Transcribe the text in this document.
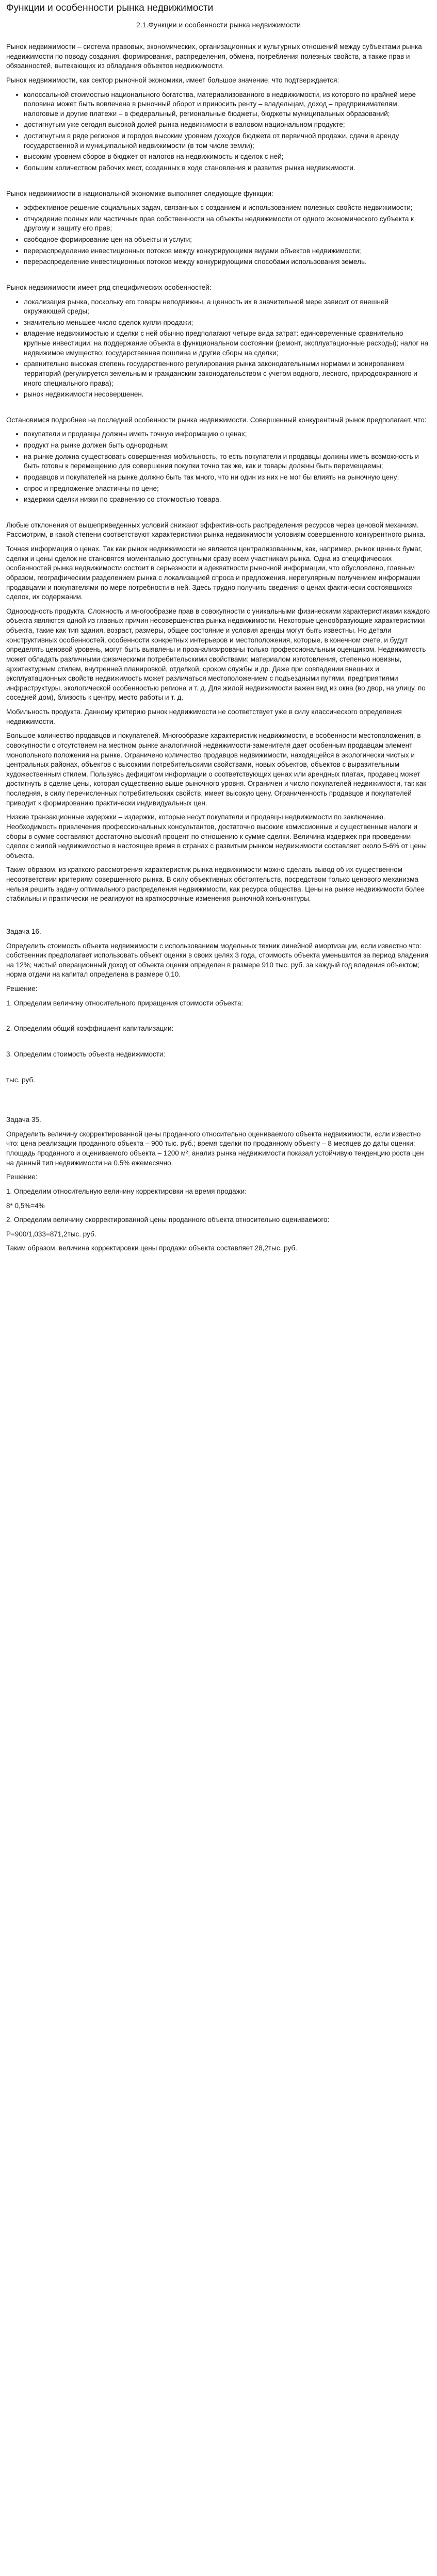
Функции и особенности рынка недвижимости
2.1.Функции и особенности рынка недвижимости

Рынок недвижимости – система правовых, экономических, организационных и культурных отношений между субъектами рынка недвижимости по поводу создания, формирования, распределения, обмена, потребления полезных свойств, а также прав и обязанностей, вытекающих из обладания объектов недвижимости.

Рынок недвижимости, как сектор рыночной экономики, имеет большое значение, что подтверждается:

• колоссальной стоимостью национального богатства, материализованного в недвижимости, из которого по крайней мере половина может быть вовлечена в рыночный оборот и приносить ренту – владельцам, доход – предпринимателям, налоговые и другие платежи – в федеральный, региональные бюджеты, бюджеты муниципальных образований;
• достигнутым уже сегодня высокой долей рынка недвижимости в валовом национальном продукте;
• достигнутым в ряде регионов и городов высоким уровнем доходов бюджета от первичной продажи, сдачи в аренду государственной и муниципальной недвижимости (в том числе земли);
• высоким уровнем сборов в бюджет от налогов на недвижимость и сделок с ней;
• большим количеством рабочих мест, созданных в ходе становления и развития рынка недвижимости.

Рынок недвижимости в национальной экономике выполняет следующие функции:

• эффективное решение социальных задач, связанных с созданием и использованием полезных свойств недвижимости;
• отчуждение полных или частичных прав собственности на объекты недвижимости от одного экономического субъекта к другому и защиту его прав;
• свободное формирование цен на объекты и услуги;
• перераспределение инвестиционных потоков между конкурирующими видами объектов недвижимости;
• перераспределение инвестиционных потоков между конкурирующими способами использования земель.

Рынок недвижимости имеет ряд специфических особенностей:

• локализация рынка, поскольку его товары неподвижны, а ценность их в значительной мере зависит от внешней окружающей среды;
• значительно меньшее число сделок купли-продажи;
• владение недвижимостью и сделки с ней обычно предполагают четыре вида затрат: единовременные сравнительно крупные инвестиции; на поддержание объекта в функциональном состоянии (ремонт, эксплуатационные расходы); налог на недвижимое имущество; государственная пошлина и другие сборы на сделки;
• сравнительно высокая степень государственного регулирования рынка законодательными нормами и зонированием территорий (регулируется земельным и гражданским законодательством с учетом водного, лесного, природоохранного и иного специального права);
• рынок недвижимости несовершенен.

Остановимся подробнее на последней особенности рынка недвижимости. Совершенный конкурентный рынок предполагает, что:

• покупатели и продавцы должны иметь точную информацию о ценах;
• продукт на рынке должен быть однородным;
• на рынке должна существовать совершенная мобильность, то есть покупатели и продавцы должны иметь возможность и быть готовы к перемещению для совершения покупки точно так же, как и товары должны быть перемещаемы;
• продавцов и покупателей на рынке должно быть так много, что ни один из них не мог бы влиять на рыночную цену;
• спрос и предложение эластичны по цене;
• издержки сделки низки по сравнению со стоимостью товара.

Любые отклонения от вышеприведенных условий снижают эффективность распределения ресурсов через ценовой механизм. Рассмотрим, в какой степени соответствуют характеристики рынка недвижимости условиям совершенного конкурентного рынка.

Точная информация о ценах. Так как рынок недвижимости не является централизованным, как, например, рынок ценных бумаг, сделки и цены сделок не становятся моментально доступными сразу всем участникам рынка. Одна из специфических особенностей рынка недвижимости состоит в серьезности и адекватности рыночной информации, что обусловлено, главным образом, географическим разделением рынка с локализацией спроса и предложения, нерегулярным получением информации продавцами и покупателями по мере потребности в ней. Здесь трудно получить сведения о ценах фактически состоявшихся сделок, их содержании.

Однородность продукта. Сложность и многообразие прав в совокупности с уникальными физическими характеристиками каждого объекта являются одной из главных причин несовершенства рынка недвижимости. Некоторые ценообразующие характеристики объекта, такие как тип здания, возраст, размеры, общее состояние и условия аренды могут быть известны. Но детали конструктивных особенностей, особенности конкретных интерьеров и местоположения, которые, в конечном счете, и будут определять ценовой уровень, могут быть выявлены и проанализированы только профессиональным оценщиком. Недвижимость может обладать различными физическими потребительскими свойствами: материалом изготовления, степенью новизны, архитектурным стилем, внутренней планировкой, отделкой, сроком службы и др. Даже при совпадении внешних и эксплуатационных свойств недвижимость может различаться местоположением с подъездными путями, предприятиями инфраструктуры, экологической особенностью региона и т. д. Для жилой недвижимости важен вид из окна (во двор, на улицу, по соседней дом), близость к центру, место работы и т. д.

Мобильность продукта. Данному критерию рынок недвижимости не соответствует уже в силу классического определения недвижимости.

Большое количество продавцов и покупателей. Многообразие характеристик недвижимости, в особенности местоположения, в совокупности с отсутствием на местном рынке аналогичной недвижимости-заменителя дает особенным продавцам элемент монопольного положения на рынке. Ограничено количество продавцов недвижимости, находящейся в экологически чистых и центральных районах, объектов с высокими потребительскими свойствами, новых объектов, объектов с выразительным художественным стилем. Пользуясь дефицитом информации о соответствующих ценах или арендных платах, продавец может достигнуть в сделке цены, которая существенно выше рыночного уровня. Ограничен и число покупателей недвижимости, так как последняя, в силу перечисленных потребительских свойств, имеет высокую цену. Ограниченность продавцов и покупателей приводит к формированию практически индивидуальных цен.

Низкие транзакционные издержки – издержки, которые несут покупатели и продавцы недвижимости по заключению. Необходимость привлечения профессиональных консультантов, достаточно высокие комиссионные и существенные налоги и сборы в сумме составляют достаточно высокий процент по отношению к сумме сделки. Величина издержек при проведении сделок с жилой недвижимостью в настоящее время в странах с развитым рынком недвижимости составляет около 5-6% от цены объекта.

Таким образом, из краткого рассмотрения характеристик рынка недвижимости можно сделать вывод об их существенном несоответствии критериям совершенного рынка. В силу объективных обстоятельств, посредством только ценового механизма нельзя решить задачу оптимального распределения недвижимости, как ресурса общества. Цены на рынке недвижимости более стабильны и практически не реагируют на краткосрочные изменения рыночной конъюнктуры.

Задача 16.

Определить стоимость объекта недвижимости с использованием модельных техник линейной амортизации, если известно что: собственник предполагает использовать объект оценки в своих целях 3 года, стоимость объекта уменьшится за период владения на 12%; чистый операционный доход от объекта оценки определен в размере 910 тыс. руб. за каждый год владения объектом; норма отдачи на капитал определена в размере 0,10.

Решение:

1. Определим величину относительного приращения стоимости объекта:

2. Определим общий коэффициент капитализации:

3. Определим стоимость объекта недвижимости:

тыс. руб.

Задача 35.

Определить величину скорректированной цены проданного относительно оцениваемого объекта недвижимости, если известно что: цена реализации проданного объекта – 900 тыс. руб.; время сделки по проданному объекту – 8 месяцев до даты оценки; площадь проданного и оцениваемого объекта – 1200 м²; анализ рынка недвижимости показал устойчивую тенденцию роста цен на данный тип недвижимости на 0.5% ежемесячно.

Решение:

1. Определим относительную величину корректировки на время продажи:

8* 0,5%=4%

2. Определим величину скорректированной цены проданного объекта относительно оцениваемого:

Р=900/1,033=871,2тыс. руб.

Таким образом, величина корректировки цены продажи объекта составляет 28,2тыс. руб.
